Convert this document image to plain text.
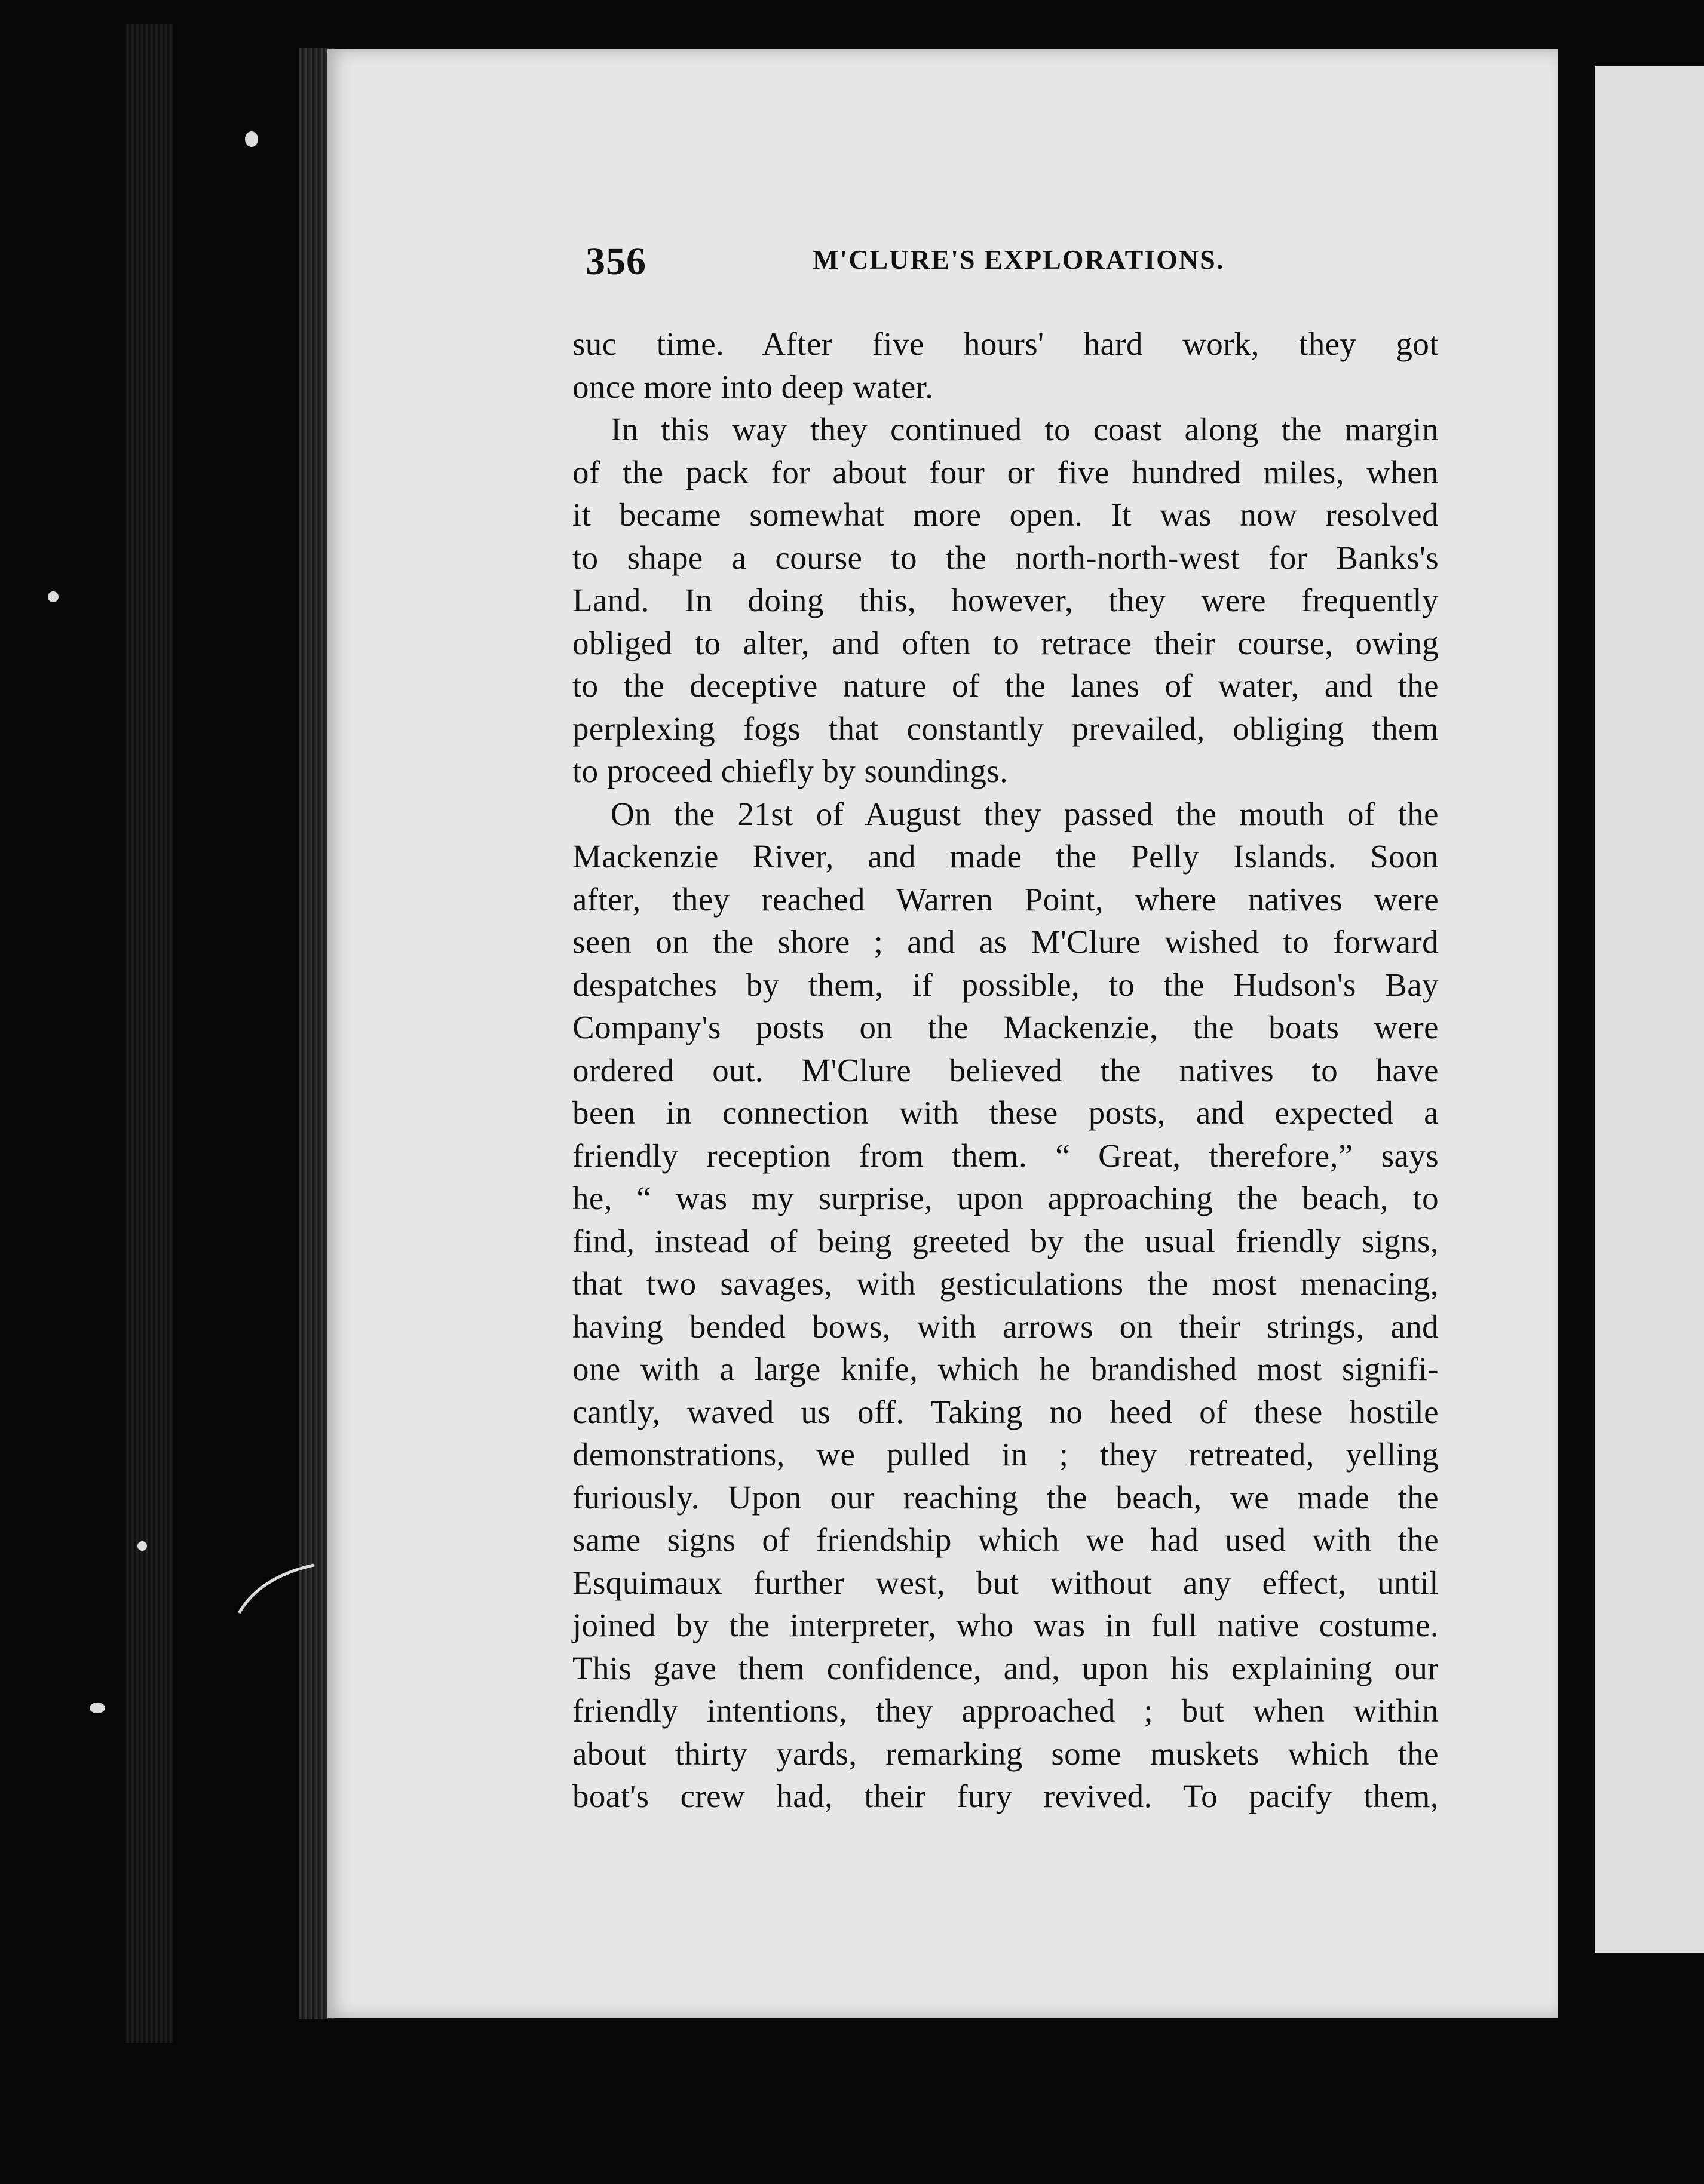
356	M'CLURE'S EXPLORATIONS.
suc time. After five hours' hard work, they got
once more into deep water.
In this way they continued to coast along the margin
of the pack for about four or five hundred miles, when
it became somewhat more open. It was now resolved
to shape a course to the north-north-west for Banks's
Land. In doing this, however, they were frequently
obliged to alter, and often to retrace their course, owing
to the deceptive nature of the lanes of water, and the
perplexing fogs that constantly prevailed, obliging them
to proceed chiefly by soundings.
On the 21st of August they passed the mouth of the
Mackenzie River, and made the Pelly Islands. Soon
after, they reached Warren Point, where natives were
seen on the shore ; and as M'Clure wished to forward
despatches by them, if possible, to the Hudson's Bay
Company's posts on the Mackenzie, the boats were
ordered out. M'Clure believed the natives to have
been in connection with these posts, and expected a
friendly reception from them. “ Great, therefore,” says
he, “ was my surprise, upon approaching the beach, to
find, instead of being greeted by the usual friendly signs,
that two savages, with gesticulations the most menacing,
having bended bows, with arrows on their strings, and
one with a large knife, which he brandished most signifi-
cantly, waved us off. Taking no heed of these hostile
demonstrations, we pulled in ; they retreated, yelling
furiously. Upon our reaching the beach, we made the
same signs of friendship which we had used with the
Esquimaux further west, but without any effect, until
joined by the interpreter, who was in full native costume.
This gave them confidence, and, upon his explaining our
friendly intentions, they approached ; but when within
about thirty yards, remarking some muskets which the
boat's crew had, their fury revived. To pacify them,
